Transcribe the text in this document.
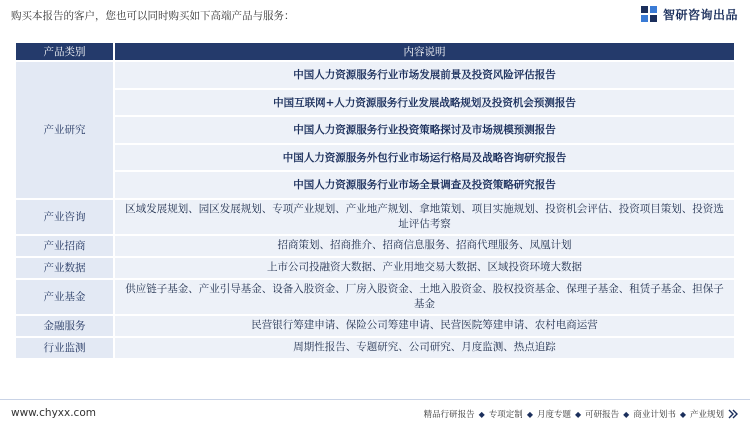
购买本报告的客户，您也可以同时购买如下高端产品与服务：	智研咨询出品
产品类别	内容说明
产业研究	中国人力资源服务行业市场发展前景及投资风险评估报告
	中国互联网+人力资源服务行业发展战略规划及投资机会预测报告
	中国人力资源服务行业投资策略探讨及市场规模预测报告
	中国人力资源服务外包行业市场运行格局及战略咨询研究报告
	中国人力资源服务行业市场全景调查及投资策略研究报告
产业咨询	区域发展规划、园区发展规划、专项产业规划、产业地产规划、拿地策划、项目实施规划、投资机会评估、投资项目策划、投资选址评估考察
产业招商	招商策划、招商推介、招商信息服务、招商代理服务、凤凰计划
产业数据	上市公司投融资大数据、产业用地交易大数据、区域投资环境大数据
产业基金	供应链子基金、产业引导基金、设备入股资金、厂房入股资金、土地入股资金、股权投资基金、保理子基金、租赁子基金、担保子基金
金融服务	民营银行筹建申请、保险公司筹建申请、民营医院筹建申请、农村电商运营
行业监测	周期性报告、专题研究、公司研究、月度监测、热点追踪
www.chyxx.com	精品行研报告 ◆ 专项定制 ◆ 月度专题 ◆ 可研报告 ◆ 商业计划书 ◆ 产业规划
